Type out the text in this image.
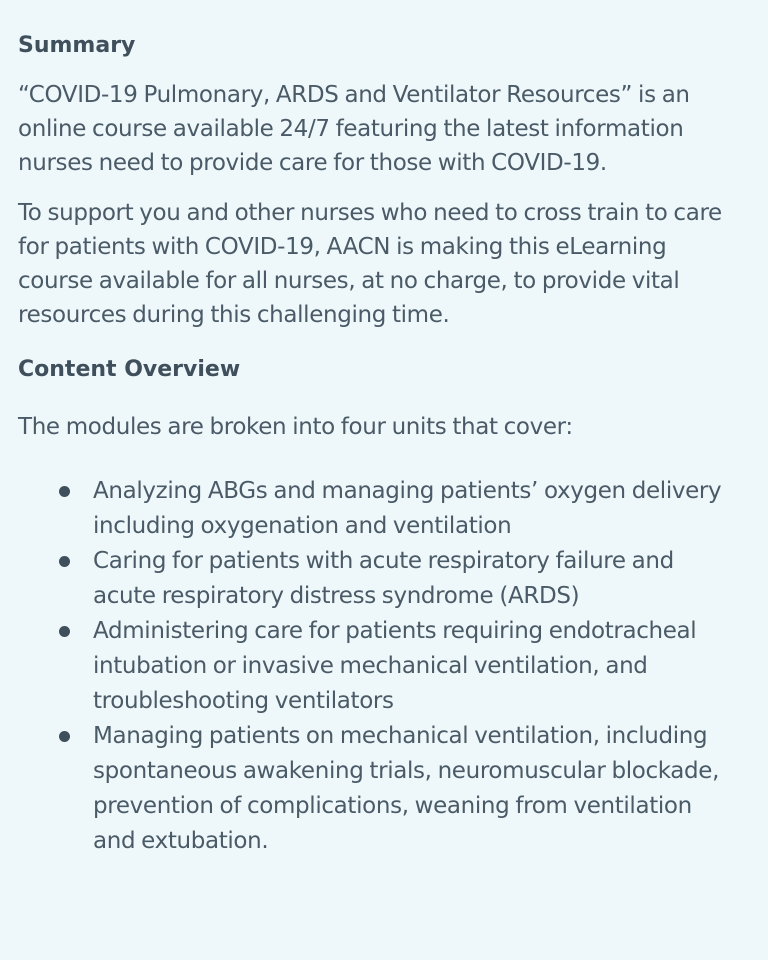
Summary

“COVID-19 Pulmonary, ARDS and Ventilator Resources” is an online course available 24/7 featuring the latest information nurses need to provide care for those with COVID-19.

To support you and other nurses who need to cross train to care for patients with COVID-19, AACN is making this eLearning course available for all nurses, at no charge, to provide vital resources during this challenging time.

Content Overview

The modules are broken into four units that cover:

Analyzing ABGs and managing patients’ oxygen delivery including oxygenation and ventilation
Caring for patients with acute respiratory failure and acute respiratory distress syndrome (ARDS)
Administering care for patients requiring endotracheal intubation or invasive mechanical ventilation, and troubleshooting ventilators
Managing patients on mechanical ventilation, including spontaneous awakening trials, neuromuscular blockade, prevention of complications, weaning from ventilation and extubation.
